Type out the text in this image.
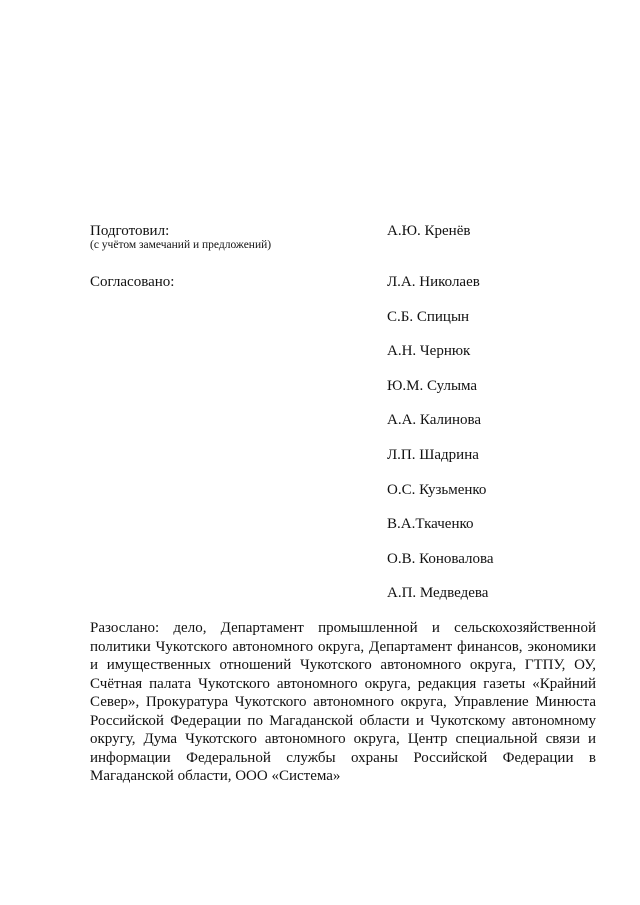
Подготовил:
(с учётом замечаний и предложений)
А.Ю. Кренёв
Согласовано:	Л.А. Николаев
С.Б. Спицын
А.Н. Чернюк
Ю.М. Сулыма
А.А. Калинова
Л.П. Шадрина
О.С. Кузьменко
В.А.Ткаченко
О.В. Коновалова
А.П. Медведева
Разослано: дело, Департамент промышленной и сельскохозяйственной политики Чукотского автономного округа, Департамент финансов, экономики и имущественных отношений Чукотского автономного округа, ГТПУ, ОУ, Счётная палата Чукотского автономного округа, редакция газеты «Крайний Север», Прокуратура Чукотского автономного округа, Управление Минюста Российской Федерации по Магаданской области и Чукотскому автономному округу, Дума Чукотского автономного округа, Центр специальной связи и информации Федеральной службы охраны Российской Федерации в Магаданской области, ООО «Система»
